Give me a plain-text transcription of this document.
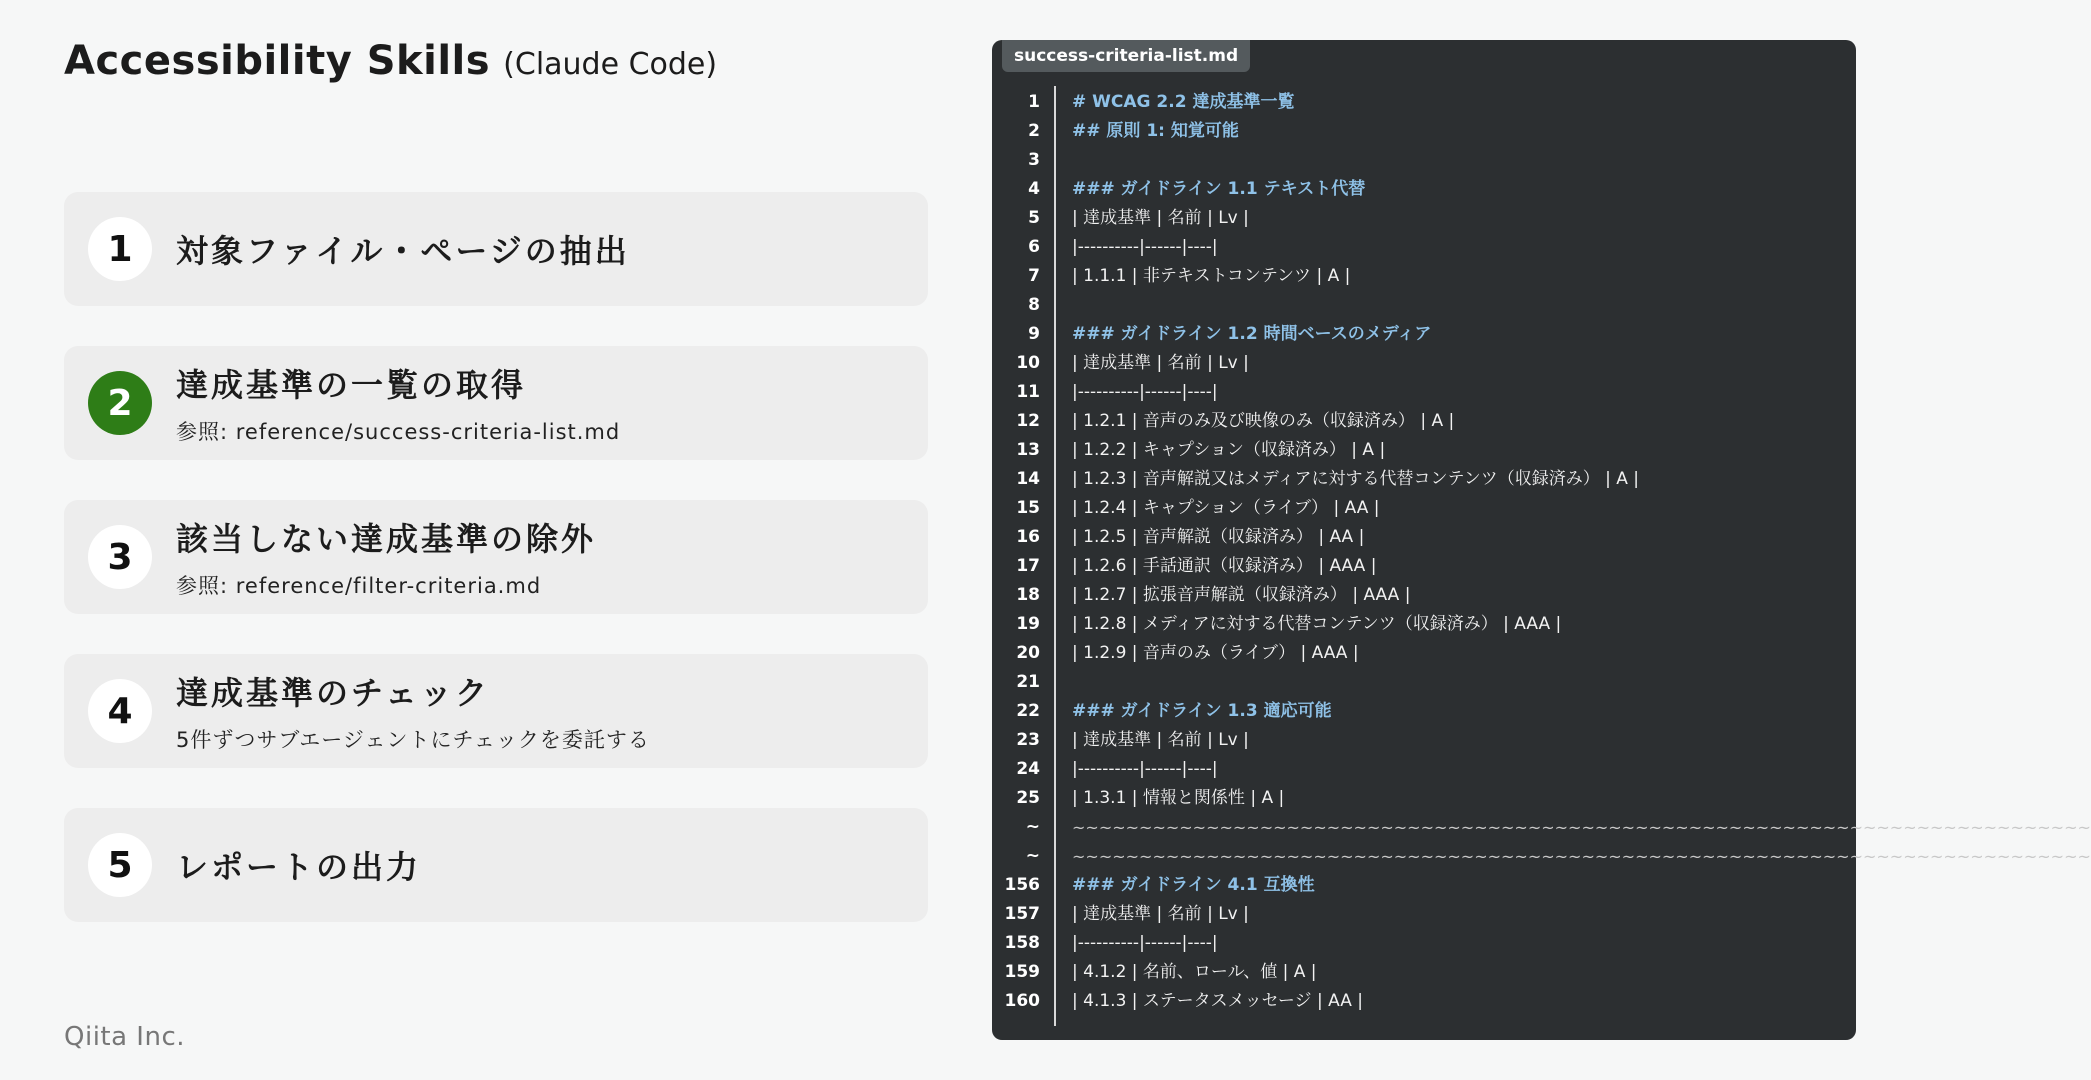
Accessibility Skills (Claude Code)
1	対象ファイル・ページの抽出
2	達成基準の一覧の取得
参照: reference/success-criteria-list.md
3	該当しない達成基準の除外
参照: reference/filter-criteria.md
4	達成基準のチェック
5件ずつサブエージェントにチェックを委託する
5	レポートの出力
Qiita Inc.
success-criteria-list.md
1 # WCAG 2.2 達成基準一覧
2 ## 原則 1: 知覚可能
3
4 ### ガイドライン 1.1 テキスト代替
5 | 達成基準 | 名前 | Lv |
6 |----------|------|----|
7 | 1.1.1 | 非テキストコンテンツ | A |
8
9 ### ガイドライン 1.2 時間ベースのメディア
10 | 達成基準 | 名前 | Lv |
11 |----------|------|----|
12 | 1.2.1 | 音声のみ及び映像のみ（収録済み） | A |
13 | 1.2.2 | キャプション（収録済み） | A |
14 | 1.2.3 | 音声解説又はメディアに対する代替コンテンツ（収録済み） | A |
15 | 1.2.4 | キャプション（ライブ） | AA |
16 | 1.2.5 | 音声解説（収録済み） | AA |
17 | 1.2.6 | 手話通訳（収録済み） | AAA |
18 | 1.2.7 | 拡張音声解説（収録済み） | AAA |
19 | 1.2.8 | メディアに対する代替コンテンツ（収録済み） | AAA |
20 | 1.2.9 | 音声のみ（ライブ） | AAA |
21
22 ### ガイドライン 1.3 適応可能
23 | 達成基準 | 名前 | Lv |
24 |----------|------|----|
25 | 1.3.1 | 情報と関係性 | A |
~ ~~~~~~~~~~~~~~~~~~~~~~~~~~~~~~~~~~~~~~~~~~~~~~~~~~~~~~~~~~~~~~~~~~~~~~~~~~~~
~ ~~~~~~~~~~~~~~~~~~~~~~~~~~~~~~~~~~~~~~~~~~~~~~~~~~~~~~~~~~~~~~~~~~~~~~~~~~~~
156 ### ガイドライン 4.1 互換性
157 | 達成基準 | 名前 | Lv |
158 |----------|------|----|
159 | 4.1.2 | 名前、ロール、値 | A |
160 | 4.1.3 | ステータスメッセージ | AA |
